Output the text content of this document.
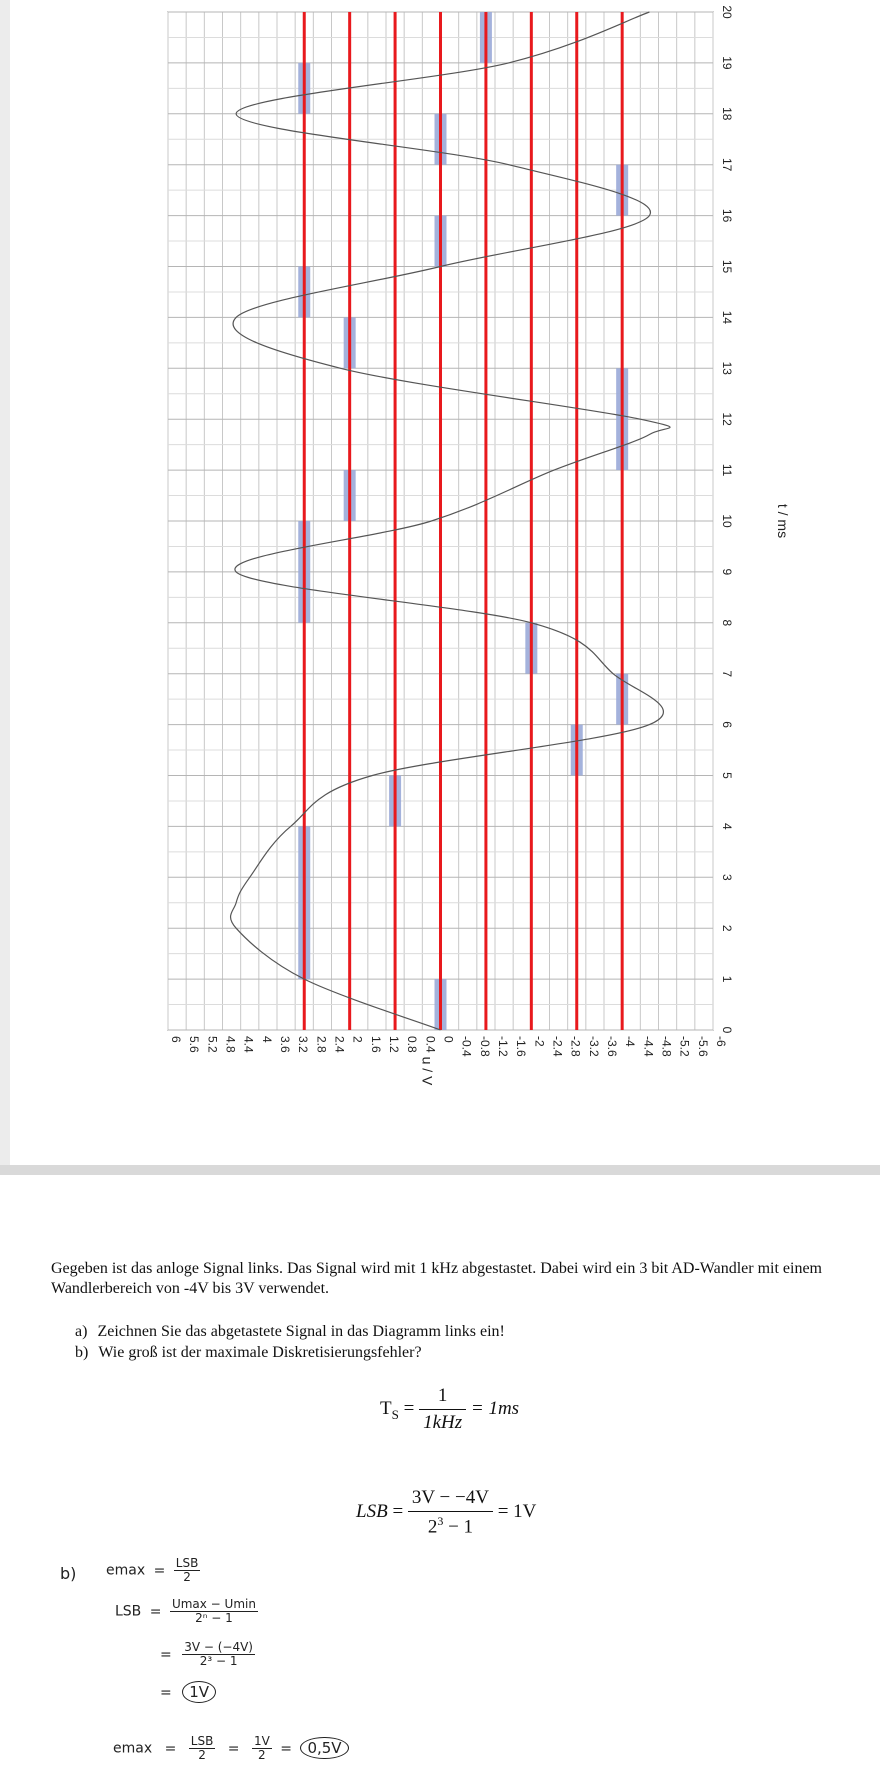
6 5.6 5.2 4.8 4.4 4 3.6 3.2 2.8 2.4 2 1.6 1.2 0.8 0.4 0 -0.4 -0.8 -1.2 -1.6 -2 -2.4 -2.8 -3.2 -3.6 -4 -4.4 -4.8 -5.2 -5.6 -6
0
1
2
3
4
5
6
7
8
9
10
11
12
13
14
15
16
17
18
19
20
t / ms
u / V
Gegeben ist das anloge Signal links. Das Signal wird mit 1 kHz abgestastet. Dabei wird ein 3 bit AD-Wandler mit einem Wandlerbereich von -4V bis 3V verwendet.
a) Zeichnen Sie das abgetastete Signal in das Diagramm links ein!
b) Wie groß ist der maximale Diskretisierungsfehler?
$T_S = \frac{1}{\text{1kHz}} = 1ms$
LSB = $\frac{3V - -4V}{2^3 - 1} = 1V$
b) $emax = \frac{\text{LSB}}{2}$
LSB = $\frac{Umax - Umin}{\text{2ⁿ − 1}}$
= $\frac{3V - (-4V)}{\text{2³ − 1}}$
= 1V
$emax = \frac{\text{LSB}}{2} = \frac{1V}{2} = 0,5V$
